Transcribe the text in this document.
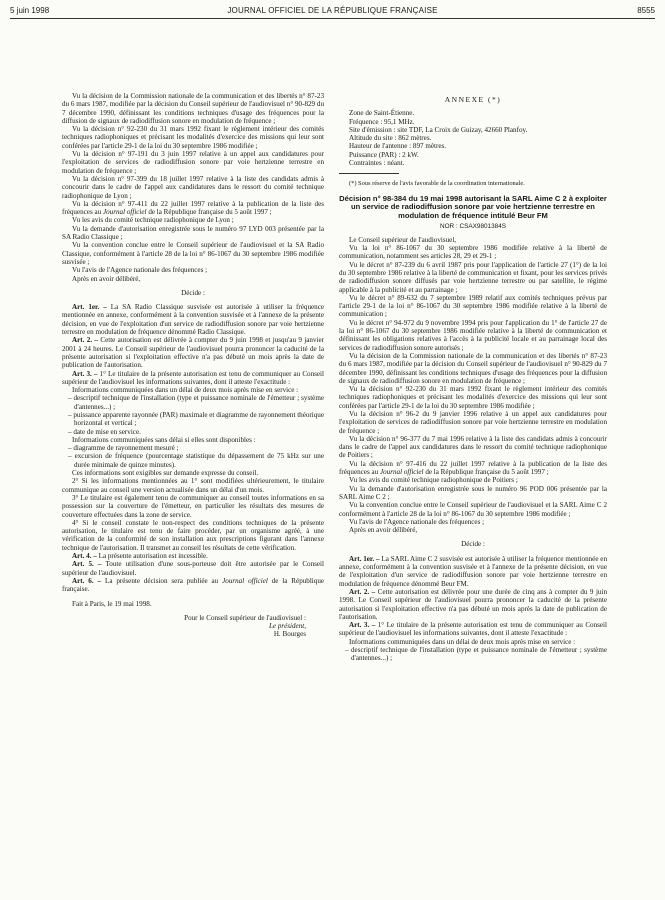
5 juin 1998	JOURNAL OFFICIEL DE LA RÉPUBLIQUE FRANÇAISE	8555

Vu la décision de la Commission nationale de la communication et des libertés n° 87-23 du 6 mars 1987, modifiée par la décision du Conseil supérieur de l'audiovisuel n° 90-829 du 7 décembre 1990, définissant les conditions techniques d'usage des fréquences pour la diffusion de signaux de radiodiffusion sonore en modulation de fréquence ;

Vu la décision n° 92-230 du 31 mars 1992 fixant le règlement intérieur des comités techniques radiophoniques et précisant les modalités d'exercice des missions qui leur sont conférées par l'article 29-1 de la loi du 30 septembre 1986 modifiée ;

Vu la décision n° 97-191 du 3 juin 1997 relative à un appel aux candidatures pour l'exploitation de services de radiodiffusion sonore par voie hertzienne terrestre en modulation de fréquence ;

Vu la décision n° 97-399 du 18 juillet 1997 relative à la liste des candidats admis à concourir dans le cadre de l'appel aux candidatures dans le ressort du comité technique radiophonique de Lyon ;

Vu la décision n° 97-411 du 22 juillet 1997 relative à la publication de la liste des fréquences au Journal officiel de la République française du 5 août 1997 ;

Vu les avis du comité technique radiophonique de Lyon ;

Vu la demande d'autorisation enregistrée sous le numéro 97 LYD 003 présentée par la SA Radio Classique ;

Vu la convention conclue entre le Conseil supérieur de l'audiovisuel et la SA Radio Classique, conformément à l'article 28 de la loi n° 86-1067 du 30 septembre 1986 modifiée susvisée ;

Vu l'avis de l'Agence nationale des fréquences ;

Après en avoir délibéré,

Décide :

Art. 1er. – La SA Radio Classique susvisée est autorisée à utiliser la fréquence mentionnée en annexe, conformément à la convention susvisée et à l'annexe de la présente décision, en vue de l'exploitation d'un service de radiodiffusion sonore par voie hertzienne terrestre en modulation de fréquence dénommé Radio Classique.

Art. 2. – Cette autorisation est délivrée à compter du 9 juin 1998 et jusqu'au 9 janvier 2001 à 24 heures. Le Conseil supérieur de l'audiovisuel pourra prononcer la caducité de la présente autorisation si l'exploitation effective n'a pas débuté un mois après la date de publication de l'autorisation.

Art. 3. – 1° Le titulaire de la présente autorisation est tenu de communiquer au Conseil supérieur de l'audiovisuel les informations suivantes, dont il atteste l'exactitude :

Informations communiquées dans un délai de deux mois après mise en service :

– descriptif technique de l'installation (type et puissance nominale de l'émetteur ; système d'antennes...) ;

– puissance apparente rayonnée (PAR) maximale et diagramme de rayonnement théorique horizontal et vertical ;

– date de mise en service.

Informations communiquées sans délai si elles sont disponibles :

– diagramme de rayonnement mesuré ;

– excursion de fréquence (pourcentage statistique du dépassement de 75 kHz sur une durée minimale de quinze minutes).

Ces informations sont exigibles sur demande expresse du conseil.

2° Si les informations mentionnées au 1° sont modifiées ultérieurement, le titulaire communique au conseil une version actualisée dans un délai d'un mois.

3° Le titulaire est également tenu de communiquer au conseil toutes informations en sa possession sur la couverture de l'émetteur, en particulier les résultats des mesures de couverture effectuées dans la zone de service.

4° Si le conseil constate le non-respect des conditions techniques de la présente autorisation, le titulaire est tenu de faire procéder, par un organisme agréé, à une vérification de la conformité de son installation aux prescriptions figurant dans l'annexe technique de l'autorisation. Il transmet au conseil les résultats de cette vérification.

Art. 4. – La présente autorisation est incessible.

Art. 5. – Toute utilisation d'une sous-porteuse doit être autorisée par le Conseil supérieur de l'audiovisuel.

Art. 6. – La présente décision sera publiée au Journal officiel de la République française.

Fait à Paris, le 19 mai 1998.

Pour le Conseil supérieur de l'audiovisuel :

Le président,

H. Bourges

ANNEXE (*)

Zone de Saint-Étienne.

Fréquence : 95,1 MHz.

Site d'émission : site TDF, La Croix de Guizay, 42660 Planfoy.

Altitude du site : 862 mètres.

Hauteur de l'antenne : 897 mètres.

Puissance (PAR) : 2 kW.

Contraintes : néant.

(*) Sous réserve de l'avis favorable de la coordination internationale.

Décision n° 98-384 du 19 mai 1998 autorisant la SARL Aime C 2 à exploiter un service de radiodiffusion sonore par voie hertzienne terrestre en modulation de fréquence intitulé Beur FM
NOR : CSAX9801384S

Le Conseil supérieur de l'audiovisuel,

Vu la loi n° 86-1067 du 30 septembre 1986 modifiée relative à la liberté de communication, notamment ses articles 28, 29 et 29-1 ;

Vu le décret n° 87-239 du 6 avril 1987 pris pour l'application de l'article 27 (1°) de la loi du 30 septembre 1986 relative à la liberté de communication et fixant, pour les services privés de radiodiffusion sonore diffusés par voie hertzienne terrestre ou par satellite, le régime applicable à la publicité et au parrainage ;

Vu le décret n° 89-632 du 7 septembre 1989 relatif aux comités techniques prévus par l'article 29-1 de la loi n° 86-1067 du 30 septembre 1986 modifiée relative à la liberté de communication ;

Vu le décret n° 94-972 du 9 novembre 1994 pris pour l'application du 1° de l'article 27 de la loi n° 86-1067 du 30 septembre 1986 modifiée relative à la liberté de communication et définissant les obligations relatives à l'accès à la publicité locale et au parrainage local des services de radiodiffusion sonore autorisés ;

Vu la décision de la Commission nationale de la communication et des libertés n° 87-23 du 6 mars 1987, modifiée par la décision du Conseil supérieur de l'audiovisuel n° 90-829 du 7 décembre 1990, définissant les conditions techniques d'usage des fréquences pour la diffusion de signaux de radiodiffusion sonore en modulation de fréquence ;

Vu la décision n° 92-230 du 31 mars 1992 fixant le règlement intérieur des comités techniques radiophoniques et précisant les modalités d'exercice des missions qui leur sont conférées par l'article 29-1 de la loi du 30 septembre 1986 modifiée ;

Vu la décision n° 96-2 du 9 janvier 1996 relative à un appel aux candidatures pour l'exploitation de services de radiodiffusion sonore par voie hertzienne terrestre en modulation de fréquence ;

Vu la décision n° 96-377 du 7 mai 1996 relative à la liste des candidats admis à concourir dans le cadre de l'appel aux candidatures dans le ressort du comité technique radiophonique de Poitiers ;

Vu la décision n° 97-416 du 22 juillet 1997 relative à la publication de la liste des fréquences au Journal officiel de la République française du 5 août 1997 ;

Vu les avis du comité technique radiophonique de Poitiers ;

Vu la demande d'autorisation enregistrée sous le numéro 96 POD 006 présentée par la SARL Aime C 2 ;

Vu la convention conclue entre le Conseil supérieur de l'audiovisuel et la SARL Aime C 2 conformément à l'article 28 de la loi n° 86-1067 du 30 septembre 1986 modifiée ;

Vu l'avis de l'Agence nationale des fréquences ;

Après en avoir délibéré,

Décide :

Art. 1er. – La SARL Aime C 2 susvisée est autorisée à utiliser la fréquence mentionnée en annexe, conformément à la convention susvisée et à l'annexe de la présente décision, en vue de l'exploitation d'un service de radiodiffusion sonore par voie hertzienne terrestre en modulation de fréquence dénommé Beur FM.

Art. 2. – Cette autorisation est délivrée pour une durée de cinq ans à compter du 9 juin 1998. Le Conseil supérieur de l'audiovisuel pourra prononcer la caducité de la présente autorisation si l'exploitation effective n'a pas débuté un mois après la date de publication de l'autorisation.

Art. 3. – 1° Le titulaire de la présente autorisation est tenu de communiquer au Conseil supérieur de l'audiovisuel les informations suivantes, dont il atteste l'exactitude :

Informations communiquées dans un délai de deux mois après mise en service :

– descriptif technique de l'installation (type et puissance nominale de l'émetteur ; système d'antennes...) ;
